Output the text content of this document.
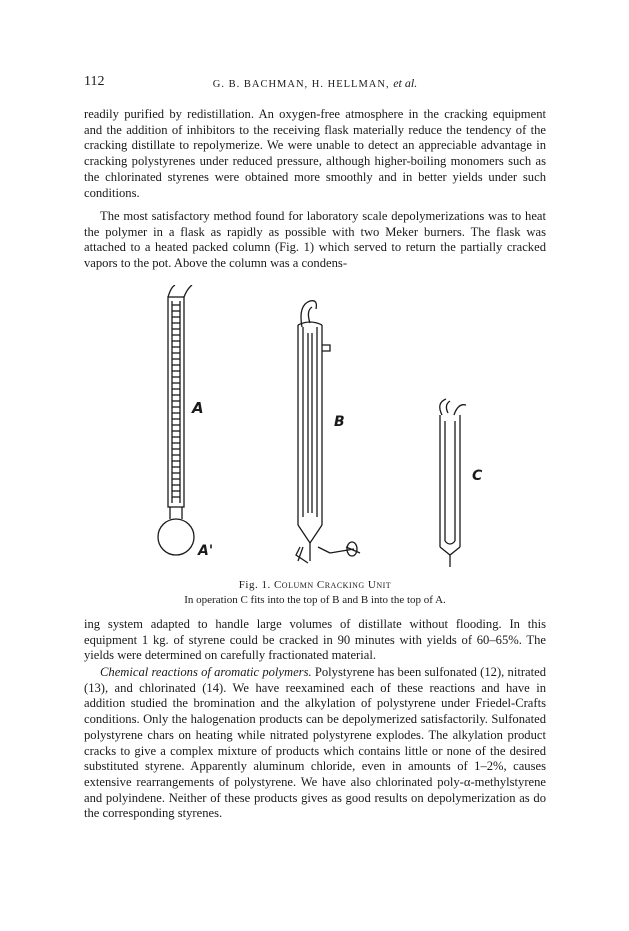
112	G. B. BACHMAN, H. HELLMAN, et al.
readily purified by redistillation. An oxygen-free atmosphere in the cracking equipment and the addition of inhibitors to the receiving flask materially reduce the tendency of the cracking distillate to repolymerize. We were unable to detect an appreciable advantage in cracking polystyrenes under reduced pressure, although higher-boiling monomers such as the chlorinated styrenes were obtained more smoothly and in better yields under such conditions.
The most satisfactory method found for laboratory scale depolymerizations was to heat the polymer in a flask as rapidly as possible with two Meker burners. The flask was attached to a heated packed column (Fig. 1) which served to return the partially cracked vapors to the pot. Above the column was a condens-
A
A'
B
C
Fig. 1. Column Cracking Unit
In operation C fits into the top of B and B into the top of A.
ing system adapted to handle large volumes of distillate without flooding. In this equipment 1 kg. of styrene could be cracked in 90 minutes with yields of 60–65%. The yields were determined on carefully fractionated material.
Chemical reactions of aromatic polymers. Polystyrene has been sulfonated (12), nitrated (13), and chlorinated (14). We have reexamined each of these reactions and have in addition studied the bromination and the alkylation of polystyrene under Friedel-Crafts conditions. Only the halogenation products can be depolymerized satisfactorily. Sulfonated polystyrene chars on heating while nitrated polystyrene explodes. The alkylation product cracks to give a complex mixture of products which contains little or none of the desired substituted styrene. Apparently aluminum chloride, even in amounts of 1–2%, causes extensive rearrangements of polystyrene. We have also chlorinated poly-α-methylstyrene and polyindene. Neither of these products gives as good results on depolymerization as do the corresponding styrenes.
